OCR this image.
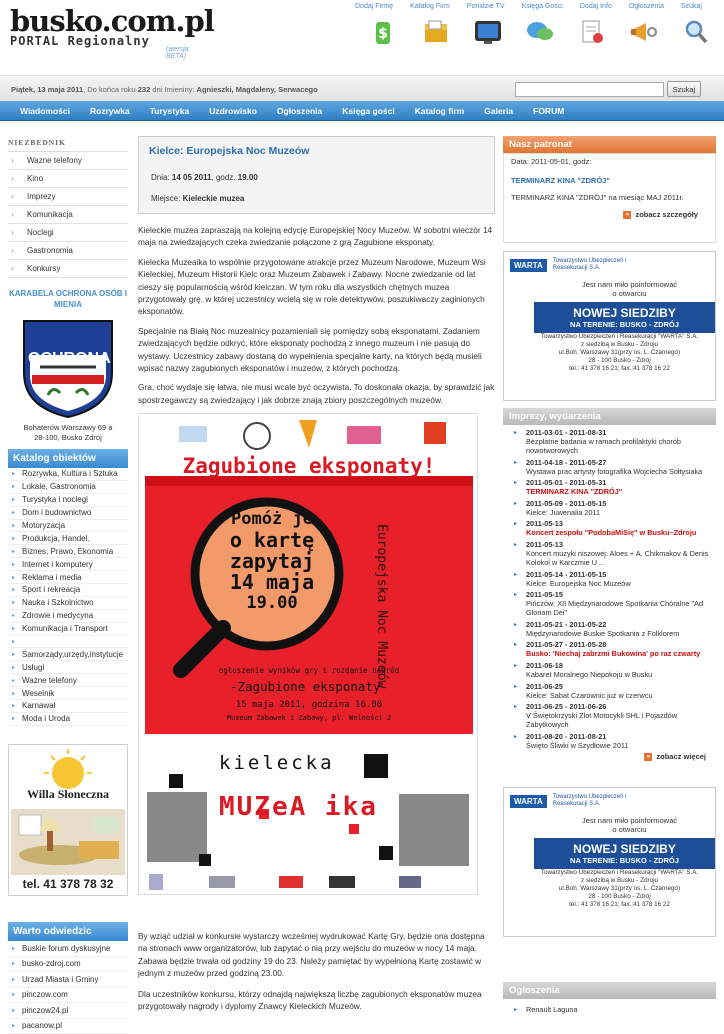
Dodaj Firmę Katalog Firm Ponidzie TV Księga Gości Dodaj Info Ogłoszenia Szukaj
busko.com.pl
PORTAL Regionalny
(wersja BETA)
$
Piątek, 13 maja 2011, Do końca roku 232 dni Imieniny: Agnieszki, Magdaleny, Serwacego	Szukaj
Wiadomości	Rozrywka	Turystyka	Uzdrowisko	Ogłoszenia	Księga gości	Katalog firm	Galeria	FORUM
NIEZBEDNIK
›	Wazne telefony
›	Kino
›	Imprezy
›	Komunikacja
›	Noclegi
›	Gastronomia
›	Konkursy
KARABELA OCHRONA OSÓB I MIENIA
OCHRONA
KARABELA
Bohaterów Warszawy 69 a
28-100, Busko Zdrój
Katalog obiektów
▸ Rozrywka, Kultura i Sztuka
▸ Lokale, Gastronomia
▸ Turystyka i noclegi
▸ Dom i budownictwo
▸ Motoryzacja
▸ Produkcja, Handel.
▸ Biznes, Prawo, Ekonomia
▸ Internet i komputery
▸ Reklama i media
▸ Sport i rekreacja
▸ Nauka i Szkolnictwo
▸ Zdrowie i medycyna
▸ Komunikacja i Transport
▸
▸ Samorządy,urzędy,instytucje
▸ Usługi
▸ Ważne telefony
▸ Weselnik
▸ Karnawał
▸ Moda i Uroda
Willa Słoneczna
tel. 41 378 78 32
Warto odwiedzic
▸ Buskie forum dyskusyjne
▸ busko-zdroj.com
▸ Urzad Miasta i Gminy
▸ pinczow.com
▸ pinczow24.pl
▸ pacanow.pl
Kielce: Europejska Noc Muzeów
Dnia: 14 05 2011, godz. 19.00
Miejsce: Kieleckie muzea

Kieleckie muzea zapraszają na kolejną edycję Europejskiej Nocy Muzeów. W sobotni wieczór 14 maja na zwiedzających czeka zwiedzanie połączone z grą Zagubione eksponaty.

Kielecka Muzeaika to wspólnie przygotowane atrakcje przez Muzeum Narodowe, Muzeum Wsi Kieleckiej, Muzeum Historii Kielc oraz Muzeum Zabawek i Zabawy. Nocne zwiedzanie od lat cieszy się popularnością wśród kielczan. W tym roku dla wszystkich chętnych muzea przygotowały grę, w której uczestnicy wcielą się w role detektywów, poszukiwaczy zaginionych eksponatów.

Specjalnie na Białą Noc muzealnicy pozamieniali się pomiędzy sobą eksponatami. Zadaniem zwiedzających będzie odkryć, które eksponaty pochodzą z innego muzeum i nie pasują do wystawy. Uczestnicy zabawy dostaną do wypełnienia specjalne karty, na których będą musieli wpisać nazwy zagubionych eksponatów i muzeów, z których pochodzą.

Gra, choć wydaje się łatwa, nie musi wcale być oczywista. To doskonała okazja, by sprawdzić jak spostrzegawczy są zwiedzający i jak dobrze znają zbiory poszczególnych muzeów.

Zagubione eksponaty!
Europejska Noc Muzeów
Pomóż je
o kartę
zapytaj
14 maja
19.00
ogłoszenie wyników gry i rozdanie nagród
-Zagubione eksponaty-
15 maja 2011, godzina 16.00
Muzeum Zabawek i Zabawy, pl. Wolności 2
kielecka
MUZeA ika

By wziąć udział w konkursie wystarczy wcześniej wydrukować Kartę Gry, będzie ona dostępna na stronach www organizatorów, lub zapytać o nią przy wejściu do muzeów w nocy 14 maja. Zabawa będzie trwała od godziny 19 do 23. Należy pamiętać by wypełnioną Kartę zostawić w jednym z muzeów przed godziną 23.00.

Dla uczestników konkursu, którzy odnajdą największą liczbę zagubionych eksponatów muzea przygotowały nagrody i dyplomy Znawcy Kieleckich Muzeów.

Nasz patronat
Data: 2011-05-01, godz:
TERMINARZ KINA "ZDRÓJ"
TERMINARZ KINA "ZDRÓJ" na miesiąc MAJ 2011r.
» zobacz szczegóły
WARTA	Towarzystwo Ubezpieczeń i Reasekuracji S.A.
Jest nam miło poinformować
o otwarciu
NOWEJ SIEDZIBY
NA TERENIE: BUSKO - ZDRÓJ
Towarzystwo Ubezpieczeń i Reasekuracji "WARTA" S.A.
z siedzibą w Busku - Zdroju
ul.Boh. Warszawy 31(przy os. L. Czarnego)
28 - 100 Busko - Zdrój
tel.: 41 378 16 21; fax.:41 378 16 22
Imprezy, wydarzenia
▸ 2011-03-01 - 2011-08-31
Bezpłatne badania w ramach profilaktyki chorób nowotworowych
▸ 2011-04-18 - 2011-05-27
Wystawa prac artysty fotografika Wojciecha Sołtysiaka
▸ 2011-05-01 - 2011-05-31
TERMINARZ KINA "ZDRÓJ"
▸ 2011-05-09 - 2011-05-15
Kielce: Juwenalia 2011
▸ 2011-05-13
Koncert zespołu "PodobaMiSię" w Busku–Zdroju
▸ 2011-05-13
Koncert muzyki niszowej: Aloes + A. Chikmakov & Denis Kolokol w Karczmie U ...
▸ 2011-05-14 - 2011-05-15
Kielce: Europejska Noc Muzeów
▸ 2011-05-15
Pińczów: XII Międzynarodowe Spotkania Chóralne "Ad Gloriam Dei"
▸ 2011-05-21 - 2011-05-22
Międzynarodowe Buskie Spotkania z Folklorem
▸ 2011-05-27 - 2011-05-28
Busko: 'Niechaj zabrzmi Bukowina' po raz czwarty
▸ 2011-06-18
Kabaret Moralnego Niepokoju w Busku
▸ 2011-06-25
Kielce: Sabat Czarownic już w czerwcu
▸ 2011-06-25 - 2011-06-26
V Świętokrzyski Zlot Motocykli SHL i Pojazdów Zabytkowych
▸ 2011-08-20 - 2011-08-21
Święto Śliwki w Szydłowie 2011
» zobacz więcej
WARTA	Towarzystwo Ubezpieczeń i Reasekuracji S.A.
Jest nam miło poinformować
o otwarciu
NOWEJ SIEDZIBY
NA TERENIE: BUSKO - ZDRÓJ
Towarzystwo Ubezpieczeń i Reasekuracji "WARTA" S.A.
z siedzibą w Busku - Zdroju
ul.Boh. Warszawy 31(przy os. L. Czarnego)
28 - 100 Busko - Zdrój
tel.: 41 378 16 21; fax.:41 378 16 22
Ogłoszenia
▸ Renault Laguna
